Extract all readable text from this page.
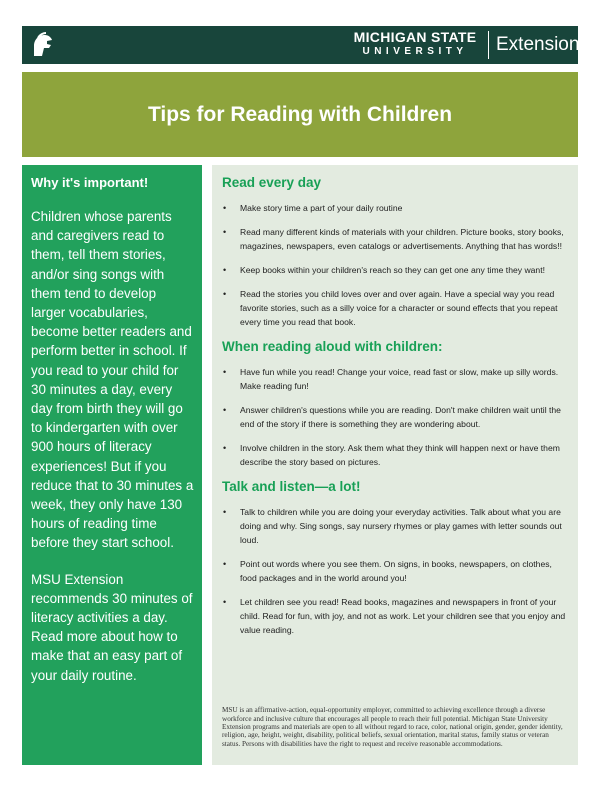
MICHIGAN STATE
UNIVERSITY	Extension
Tips for Reading with Children

Why it's important!

Children whose parents and caregivers read to them, tell them stories, and/or sing songs with them tend to develop larger vocabularies, become better readers and perform better in school. If you read to your child for 30 minutes a day, every day from birth they will go to kindergarten with over 900 hours of literacy experiences! But if you reduce that to 30 minutes a week, they only have 130 hours of reading time before they start school.

MSU Extension recommends 30 minutes of literacy activities a day. Read more about how to make that an easy part of your daily routine.

Read every day

• Make story time a part of your daily routine
• Read many different kinds of materials with your children. Picture books, story books, magazines, newspapers, even catalogs or advertisements. Anything that has words!!
• Keep books within your children's reach so they can get one any time they want!
• Read the stories you child loves over and over again. Have a special way you read favorite stories, such as a silly voice for a character or sound effects that you repeat every time you read that book.

When reading aloud with children:

• Have fun while you read! Change your voice, read fast or slow, make up silly words. Make reading fun!
• Answer children's questions while you are reading. Don't make children wait until the end of the story if there is something they are wondering about.
• Involve children in the story. Ask them what they think will happen next or have them describe the story based on pictures.

Talk and listen—a lot!

• Talk to children while you are doing your everyday activities. Talk about what you are doing and why. Sing songs, say nursery rhymes or play games with letter sounds out loud.
• Point out words where you see them. On signs, in books, newspapers, on clothes, food packages and in the world around you!
• Let children see you read! Read books, magazines and newspapers in front of your child. Read for fun, with joy, and not as work. Let your children see that you enjoy and value reading.

MSU is an affirmative-action, equal-opportunity employer, committed to achieving excellence through a diverse workforce and inclusive culture that encourages all people to reach their full potential. Michigan State University Extension programs and materials are open to all without regard to race, color, national origin, gender, gender identity, religion, age, height, weight, disability, political beliefs, sexual orientation, marital status, family status or veteran status. Persons with disabilities have the right to request and receive reasonable accommodations.
